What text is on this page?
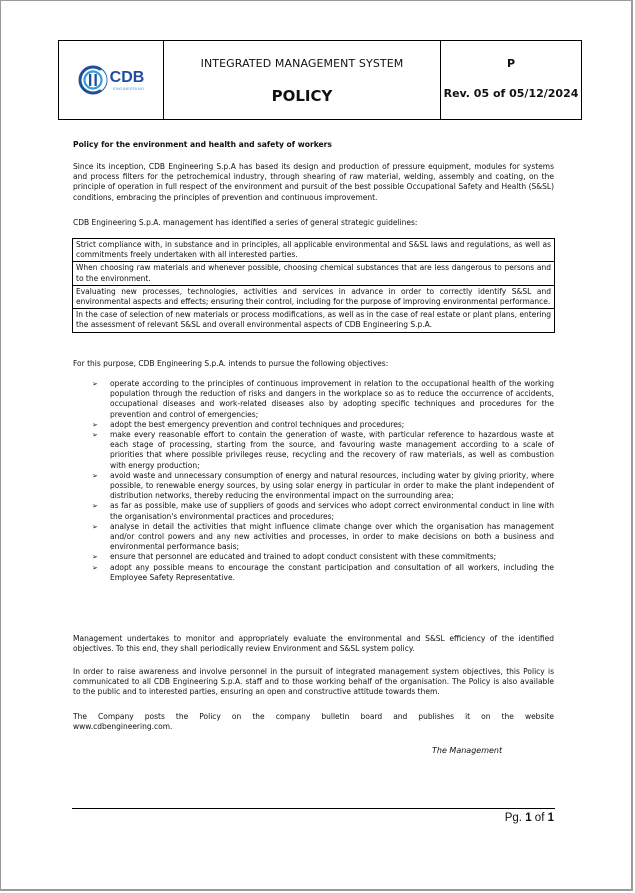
CDB
ENGINEERING
INTEGRATED MANAGEMENT SYSTEM
POLICY
P
Rev. 05 of 05/12/2024
Policy for the environment and health and safety of workers

Since its inception, CDB Engineering S.p.A has based its design and production of pressure equipment, modules for systems and process filters for the petrochemical industry, through shearing of raw material, welding, assembly and coating, on the principle of operation in full respect of the environment and pursuit of the best possible Occupational Safety and Health (S&SL) conditions, embracing the principles of prevention and continuous improvement.

CDB Engineering S.p.A. management has identified a series of general strategic guidelines:

Strict compliance with, in substance and in principles, all applicable environmental and S&SL laws and regulations, as well as commitments freely undertaken with all interested parties.
When choosing raw materials and whenever possible, choosing chemical substances that are less dangerous to persons and to the environment.
Evaluating new processes, technologies, activities and services in advance in order to correctly identify S&SL and environmental aspects and effects; ensuring their control, including for the purpose of improving environmental performance.
In the case of selection of new materials or process modifications, as well as in the case of real estate or plant plans, entering the assessment of relevant S&SL and overall environmental aspects of CDB Engineering S.p.A.

For this purpose, CDB Engineering S.p.A. intends to pursue the following objectives:

➢ operate according to the principles of continuous improvement in relation to the occupational health of the working population through the reduction of risks and dangers in the workplace so as to reduce the occurrence of accidents, occupational diseases and work-related diseases also by adopting specific techniques and procedures for the prevention and control of emergencies;
➢ adopt the best emergency prevention and control techniques and procedures;
➢ make every reasonable effort to contain the generation of waste, with particular reference to hazardous waste at each stage of processing, starting from the source, and favouring waste management according to a scale of priorities that where possible privileges reuse, recycling and the recovery of raw materials, as well as combustion with energy production;
➢ avoid waste and unnecessary consumption of energy and natural resources, including water by giving priority, where possible, to renewable energy sources, by using solar energy in particular in order to make the plant independent of distribution networks, thereby reducing the environmental impact on the surrounding area;
➢ as far as possible, make use of suppliers of goods and services who adopt correct environmental conduct in line with the organisation's environmental practices and procedures;
➢ analyse in detail the activities that might influence climate change over which the organisation has management and/or control powers and any new activities and processes, in order to make decisions on both a business and environmental performance basis;
➢ ensure that personnel are educated and trained to adopt conduct consistent with these commitments;
➢ adopt any possible means to encourage the constant participation and consultation of all workers, including the Employee Safety Representative.

Management undertakes to monitor and appropriately evaluate the environmental and S&SL efficiency of the identified objectives. To this end, they shall periodically review Environment and S&SL system policy.

In order to raise awareness and involve personnel in the pursuit of integrated management system objectives, this Policy is communicated to all CDB Engineering S.p.A. staff and to those working behalf of the organisation. The Policy is also available to the public and to interested parties, ensuring an open and constructive attitude towards them.

The Company posts the Policy on the company bulletin board and publishes it on the website

www.cdbengineering.com.

The Management
Pg. 1 of 1
